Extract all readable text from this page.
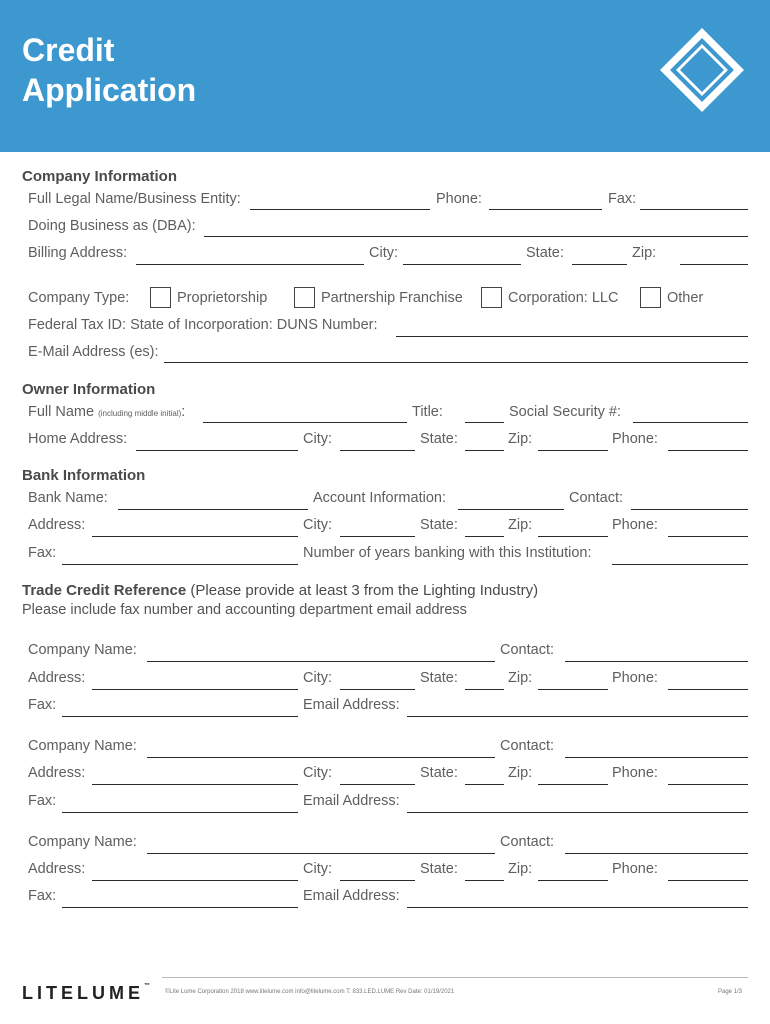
Credit
Application
Company Information
Full Legal Name/Business Entity:	Phone:	Fax:
Doing Business as (DBA):
Billing Address:	City:	State:	Zip:
Company Type:	Proprietorship	Partnership Franchise	Corporation: LLC	Other
Federal Tax ID: State of Incorporation: DUNS Number:
E-Mail Address (es):
Owner Information
Full Name (including middle initial):	Title:	Social Security #:
Home Address:	City:	State:	Zip:	Phone:
Bank Information
Bank Name:	Account Information:	Contact:
Address:	City:	State:	Zip:	Phone:
Fax:	Number of years banking with this Institution:
Trade Credit Reference (Please provide at least 3 from the Lighting Industry)
Please include fax number and accounting department email address
Company Name:	Contact:
Address:	City:	State:	Zip:	Phone:
Fax:	Email Address:
Company Name:	Contact:
Address:	City:	State:	Zip:	Phone:
Fax:	Email Address:
Company Name:	Contact:
Address:	City:	State:	Zip:	Phone:
Fax:	Email Address:
LITELUME™
©Lite Lume Corporation 2018 www.litelume.com info@litelume.com T: 833.LED.LUME Rev Date: 01/19/2021	Page 1/3
